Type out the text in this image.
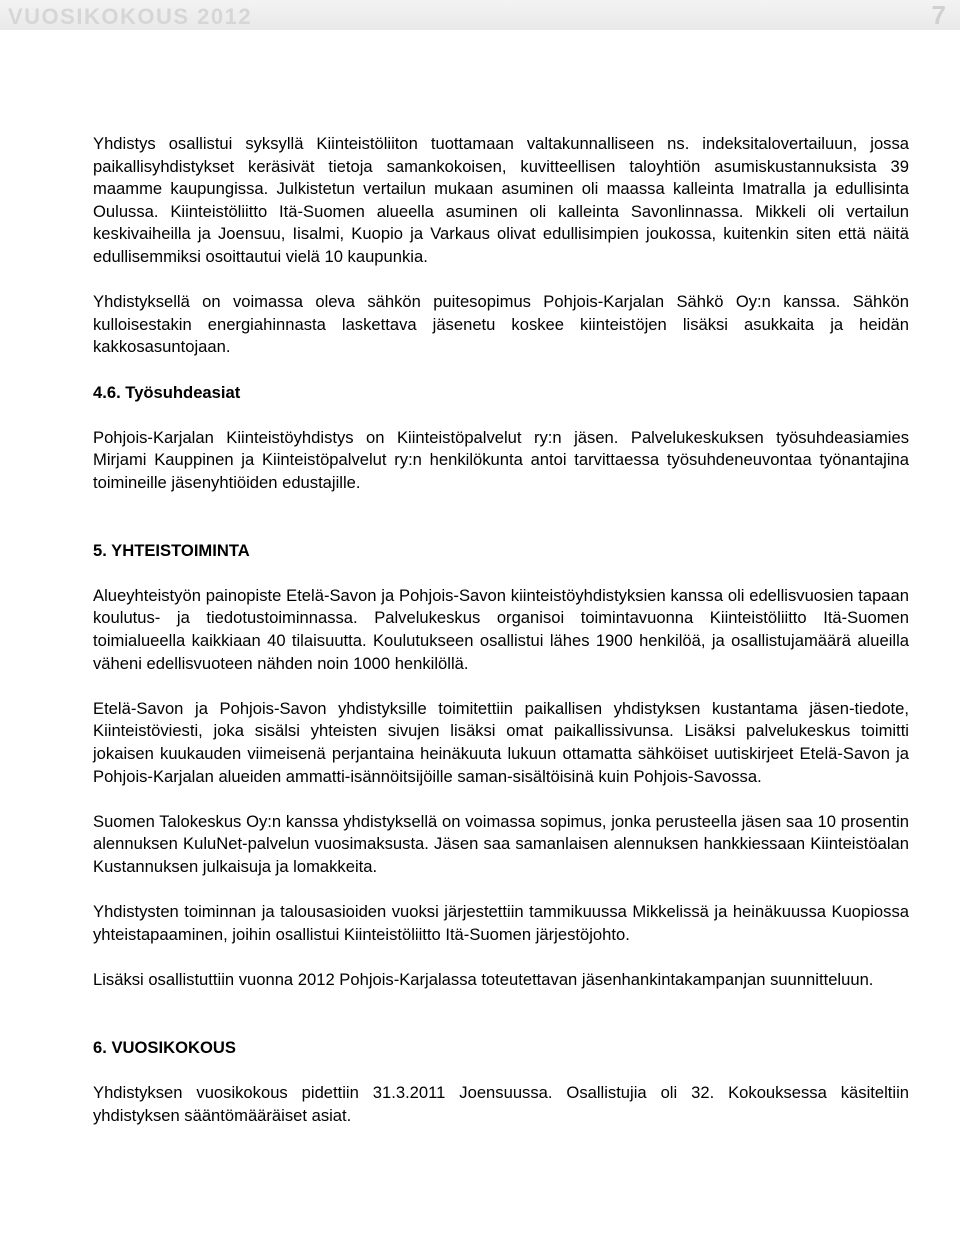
VUOSIKOKOUS 2012	7

Yhdistys osallistui syksyllä Kiinteistöliiton tuottamaan valtakunnalliseen ns. indeksitalovertailuun, jossa paikallisyhdistykset keräsivät tietoja samankokoisen, kuvitteellisen taloyhtiön asumiskustannuksista 39 maamme kaupungissa. Julkistetun vertailun mukaan asuminen oli maassa kalleinta Imatralla ja edullisinta Oulussa. Kiinteistöliitto Itä-Suomen alueella asuminen oli kalleinta Savonlinnassa. Mikkeli oli vertailun keskivaiheilla ja Joensuu, Iisalmi, Kuopio ja Varkaus olivat edullisimpien joukossa, kuitenkin siten että näitä edullisemmiksi osoittautui vielä 10 kaupunkia.

Yhdistyksellä on voimassa oleva sähkön puitesopimus Pohjois-Karjalan Sähkö Oy:n kanssa. Sähkön kulloisestakin energiahinnasta laskettava jäsenetu koskee kiinteistöjen lisäksi asukkaita ja heidän kakkosasuntojaan.

4.6. Työsuhdeasiat

Pohjois-Karjalan Kiinteistöyhdistys on Kiinteistöpalvelut ry:n jäsen. Palvelukeskuksen työsuhdeasiamies Mirjami Kauppinen ja Kiinteistöpalvelut ry:n henkilökunta antoi tarvittaessa työsuhdeneuvontaa työnantajina toimineille jäsenyhtiöiden edustajille.

5. YHTEISTOIMINTA

Alueyhteistyön painopiste Etelä-Savon ja Pohjois-Savon kiinteistöyhdistyksien kanssa oli edellisvuosien tapaan koulutus- ja tiedotustoiminnassa. Palvelukeskus organisoi toimintavuonna Kiinteistöliitto Itä-Suomen toimialueella kaikkiaan 40 tilaisuutta. Koulutukseen osallistui lähes 1900 henkilöä, ja osallistujamäärä alueilla väheni edellisvuoteen nähden noin 1000 henkilöllä.

Etelä-Savon ja Pohjois-Savon yhdistyksille toimitettiin paikallisen yhdistyksen kustantama jäsen-tiedote, Kiinteistöviesti, joka sisälsi yhteisten sivujen lisäksi omat paikallissivunsa. Lisäksi palvelukeskus toimitti jokaisen kuukauden viimeisenä perjantaina heinäkuuta lukuun ottamatta sähköiset uutiskirjeet Etelä-Savon ja Pohjois-Karjalan alueiden ammatti-isännöitsijöille saman-sisältöisinä kuin Pohjois-Savossa.

Suomen Talokeskus Oy:n kanssa yhdistyksellä on voimassa sopimus, jonka perusteella jäsen saa 10 prosentin alennuksen KuluNet-palvelun vuosimaksusta. Jäsen saa samanlaisen alennuksen hankkiessaan Kiinteistöalan Kustannuksen julkaisuja ja lomakkeita.

Yhdistysten toiminnan ja talousasioiden vuoksi järjestettiin tammikuussa Mikkelissä ja heinäkuussa Kuopiossa yhteistapaaminen, joihin osallistui Kiinteistöliitto Itä-Suomen järjestöjohto.

Lisäksi osallistuttiin vuonna 2012 Pohjois-Karjalassa toteutettavan jäsenhankintakampanjan suunnitteluun.

6. VUOSIKOKOUS

Yhdistyksen vuosikokous pidettiin 31.3.2011 Joensuussa. Osallistujia oli 32. Kokouksessa käsiteltiin yhdistyksen sääntömääräiset asiat.
